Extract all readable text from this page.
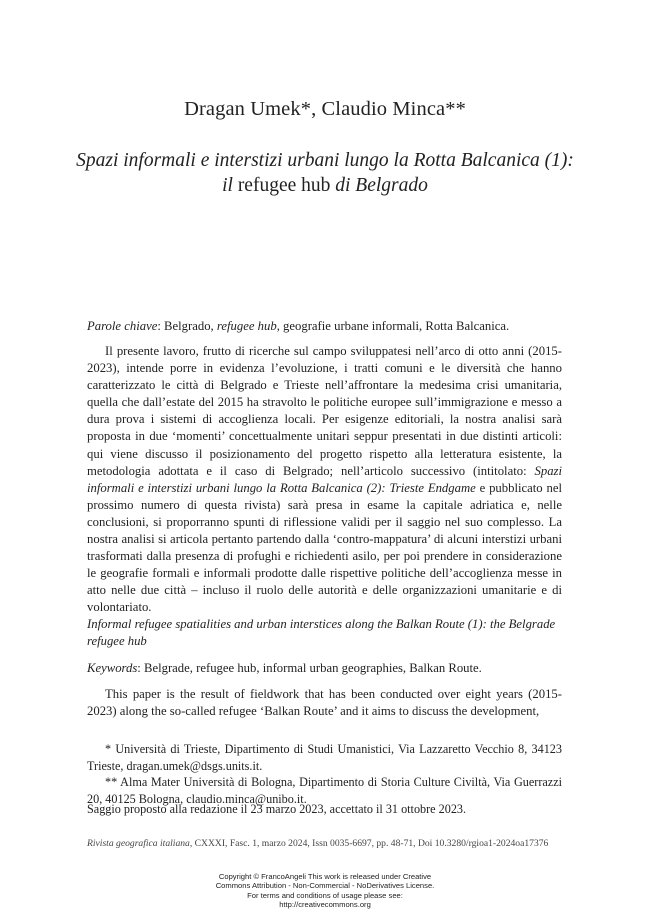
Dragan Umek*, Claudio Minca**
Spazi informali e interstizi urbani lungo la Rotta Balcanica (1): il refugee hub di Belgrado
Parole chiave: Belgrado, refugee hub, geografie urbane informali, Rotta Balcanica.

Il presente lavoro, frutto di ricerche sul campo sviluppatesi nell’arco di otto anni (2015-2023), intende porre in evidenza l’evoluzione, i tratti comuni e le diversità che hanno caratterizzato le città di Belgrado e Trieste nell’affrontare la medesima crisi umanitaria, quella che dall’estate del 2015 ha stravolto le politiche europee sull’immigrazione e messo a dura prova i sistemi di accoglienza locali. Per esigenze editoriali, la nostra analisi sarà proposta in due ‘momenti’ concettualmente unitari seppur presentati in due distinti articoli: qui viene discusso il posizionamento del progetto rispetto alla letteratura esistente, la metodologia adottata e il caso di Belgrado; nell’articolo successivo (intitolato: Spazi informali e interstizi urbani lungo la Rotta Balcanica (2): Trieste Endgame e pubblicato nel prossimo numero di questa rivista) sarà presa in esame la capitale adriatica e, nelle conclusioni, si proporranno spunti di riflessione validi per il saggio nel suo complesso. La nostra analisi si articola pertanto partendo dalla ‘contro-mappatura’ di alcuni interstizi urbani trasformati dalla presenza di profughi e richiedenti asilo, per poi prendere in considerazione le geografie formali e informali prodotte dalle rispettive politiche dell’accoglienza messe in atto nelle due città – incluso il ruolo delle autorità e delle organizzazioni umanitarie e di volontariato.

Informal refugee spatialities and urban interstices along the Balkan Route (1): the Belgrade refugee hub
Keywords: Belgrade, refugee hub, informal urban geographies, Balkan Route.

This paper is the result of fieldwork that has been conducted over eight years (2015-2023) along the so-called refugee ‘Balkan Route’ and it aims to discuss the development,

* Università di Trieste, Dipartimento di Studi Umanistici, Via Lazzaretto Vecchio 8, 34123 Trieste, dragan.umek@dsgs.units.it.

** Alma Mater Università di Bologna, Dipartimento di Storia Culture Civiltà, Via Guerrazzi 20, 40125 Bologna, claudio.minca@unibo.it.

Saggio proposto alla redazione il 23 marzo 2023, accettato il 31 ottobre 2023.
Rivista geografica italiana, CXXXI, Fasc. 1, marzo 2024, Issn 0035-6697, pp. 48-71, Doi 10.3280/rgioa1-2024oa17376
Copyright © FrancoAngeli This work is released under Creative
Commons Attribution - Non-Commercial - NoDerivatives License.
For terms and conditions of usage please see:
http://creativecommons.org
